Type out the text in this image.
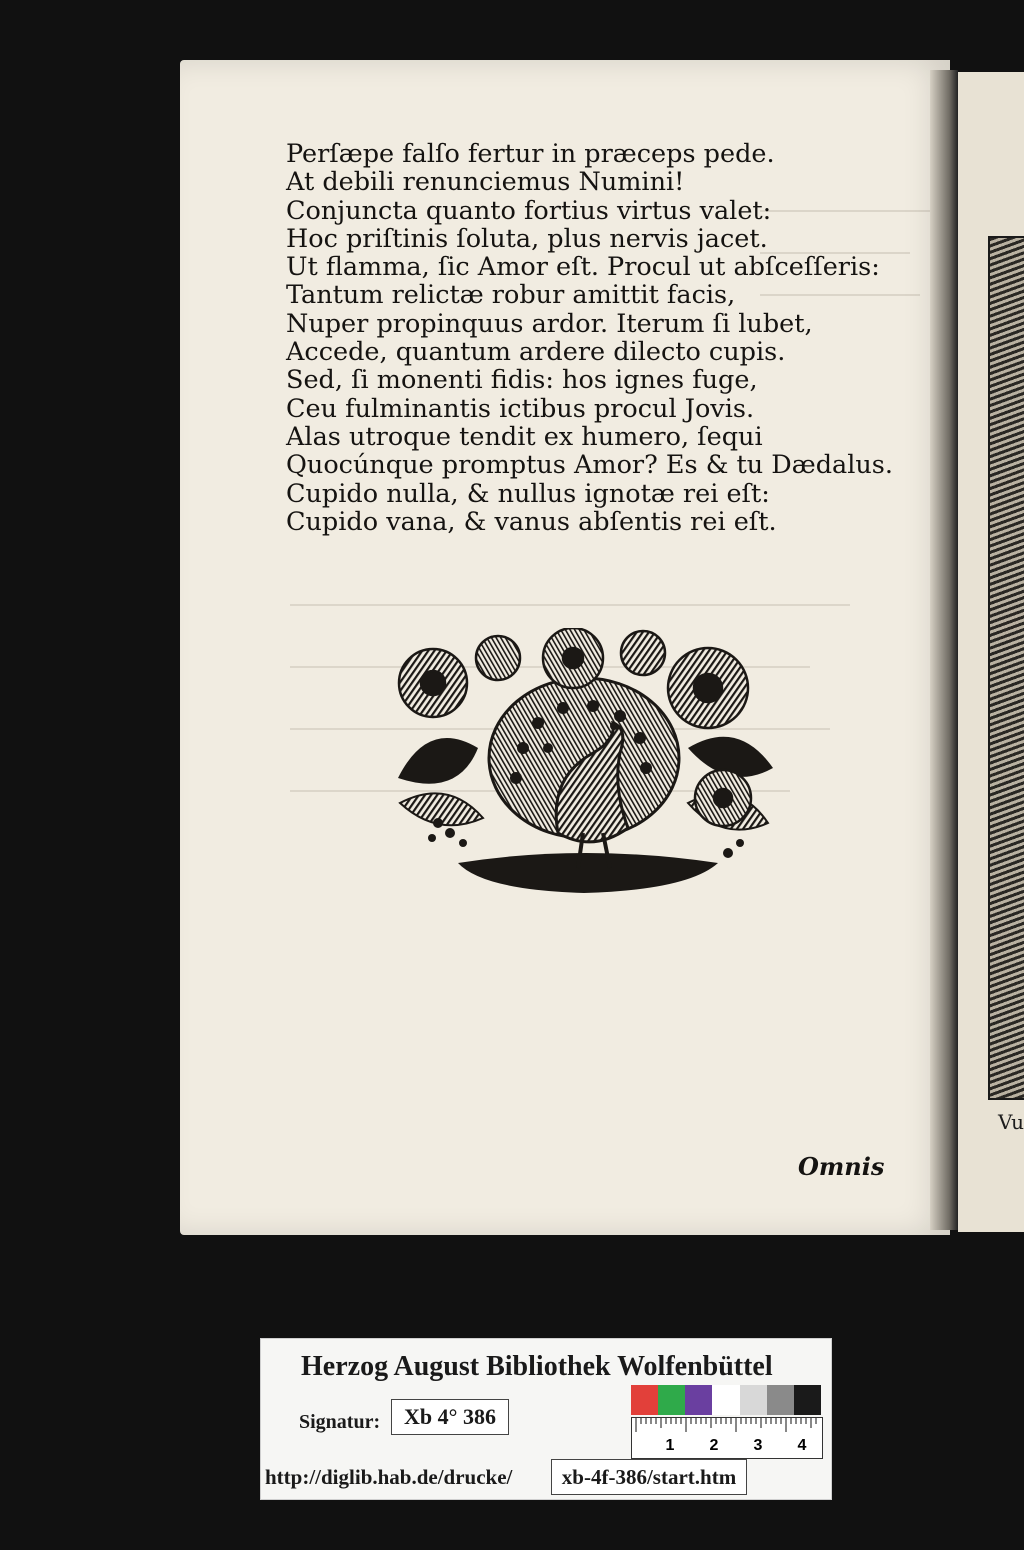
Vu
Perſæpe falſo fertur in præceps pede.
At debili renunciemus Numini!
Conjuncta quanto fortius virtus valet:
Hoc priſtinis ſoluta, plus nervis jacet.
Ut flamma, ſic Amor eſt. Procul ut abſceſſeris:
Tantum relictæ robur amittit facis,
Nuper propinquus ardor. Iterum ſi lubet,
Accede, quantum ardere dilecto cupis.
Sed, ſi monenti fidis: hos ignes fuge,
Ceu fulminantis ictibus procul Jovis.
Alas utroque tendit ex humero, ſequi
Quocúnque promptus Amor? Es & tu Dædalus.
Cupido nulla, & nullus ignotæ rei eſt:
Cupido vana, & vanus abſentis rei eſt.
Omnis
Herzog August Bibliothek Wolfenbüttel
Signatur:	Xb 4° 386
1 2 3 4
http://diglib.hab.de/drucke/	xb-4f-386/start.htm
